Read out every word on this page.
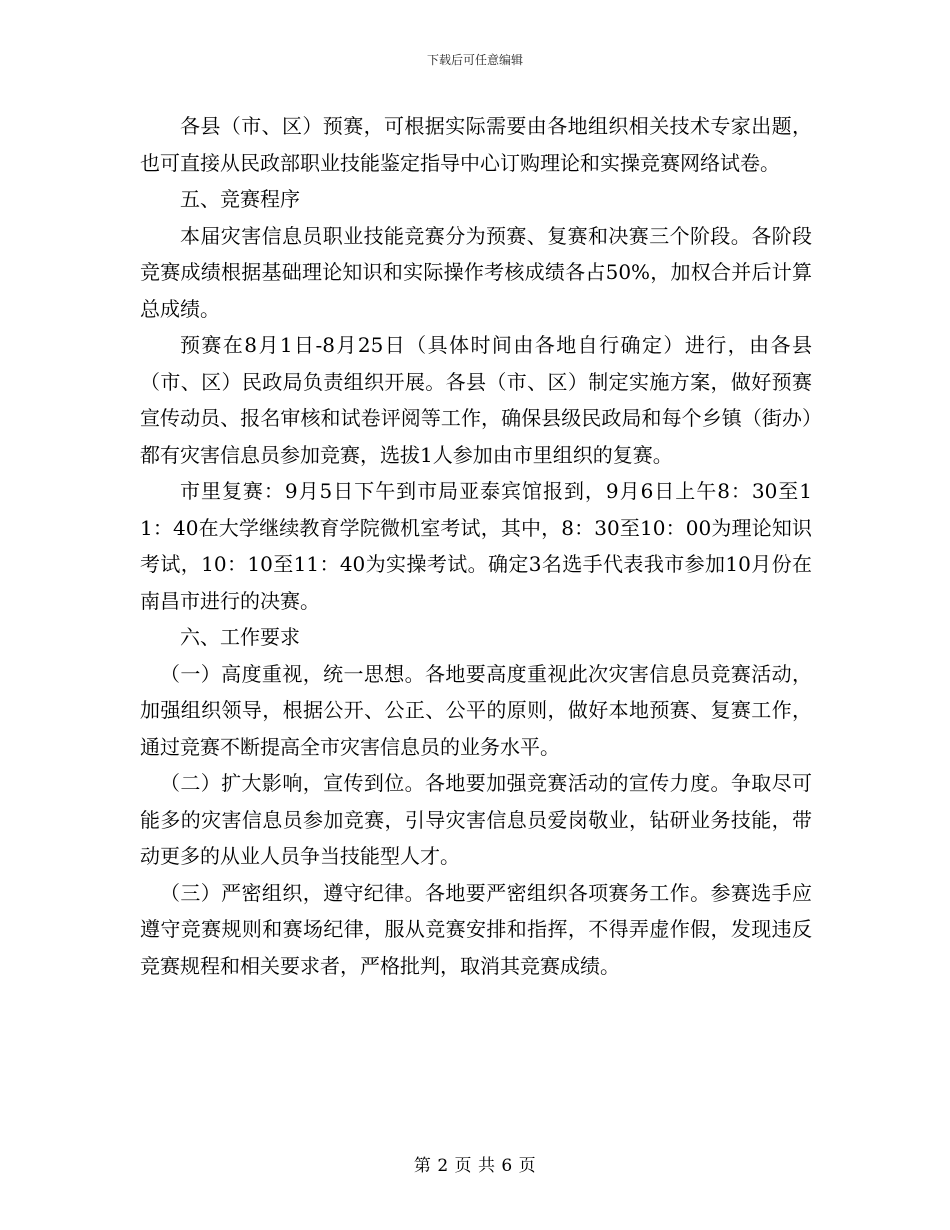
下载后可任意编辑

各县（市、区）预赛，可根据实际需要由各地组织相关技术专家出题，也可直接从民政部职业技能鉴定指导中心订购理论和实操竞赛网络试卷。

五、竞赛程序

本届灾害信息员职业技能竞赛分为预赛、复赛和决赛三个阶段。各阶段竞赛成绩根据基础理论知识和实际操作考核成绩各占50%，加权合并后计算总成绩。

预赛在8月1日-8月25日（具体时间由各地自行确定）进行，由各县（市、区）民政局负责组织开展。各县（市、区）制定实施方案，做好预赛宣传动员、报名审核和试卷评阅等工作，确保县级民政局和每个乡镇（街办）都有灾害信息员参加竞赛，选拔1人参加由市里组织的复赛。

市里复赛：9月5日下午到市局亚泰宾馆报到，9月6日上午8：30至11：40在大学继续教育学院微机室考试，其中，8：30至10：00为理论知识考试，10：10至11：40为实操考试。确定3名选手代表我市参加10月份在南昌市进行的决赛。

六、工作要求

（一）高度重视，统一思想。各地要高度重视此次灾害信息员竞赛活动，加强组织领导，根据公开、公正、公平的原则，做好本地预赛、复赛工作，通过竞赛不断提高全市灾害信息员的业务水平。

（二）扩大影响，宣传到位。各地要加强竞赛活动的宣传力度。争取尽可能多的灾害信息员参加竞赛，引导灾害信息员爱岗敬业，钻研业务技能，带动更多的从业人员争当技能型人才。

（三）严密组织，遵守纪律。各地要严密组织各项赛务工作。参赛选手应遵守竞赛规则和赛场纪律，服从竞赛安排和指挥，不得弄虚作假，发现违反竞赛规程和相关要求者，严格批判，取消其竞赛成绩。

第 2 页 共 6 页
